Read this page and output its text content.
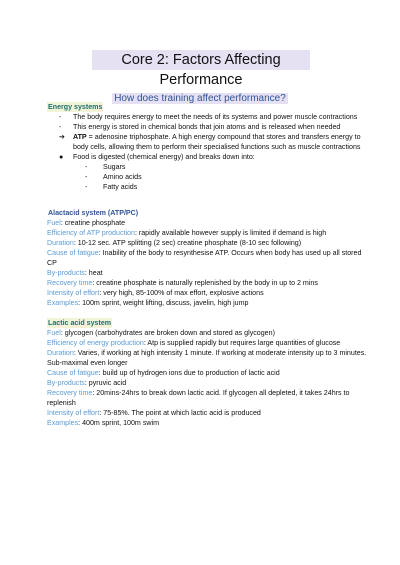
Core 2: Factors Affecting Performance
How does training affect performance?
Energy systems
- The body requires energy to meet the needs of its systems and power muscle contractions
- This energy is stored in chemical bonds that join atoms and is released when needed
➔ ATP = adenosine triphosphate. A high energy compound that stores and transfers energy to body cells, allowing them to perform their specialised functions such as muscle contractions
● Food is digested (chemical energy) and breaks down into:
- Sugars
- Amino acids
- Fatty acids
Alactacid system (ATP/PC)
Fuel: creatine phosphate
Efficiency of ATP production: rapidly available however supply is limited if demand is high
Duration: 10-12 sec. ATP splitting (2 sec) creatine phosphate (8-10 sec following)
Cause of fatigue: Inability of the body to resynthesise ATP. Occurs when body has used up all stored CP
By-products: heat
Recovery time: creatine phosphate is naturally replenished by the body in up to 2 mins
Intensity of effort: very high, 85-100% of max effort, explosive actions
Examples: 100m sprint, weight lifting, discuss, javelin, high jump
Lactic acid system
Fuel: glycogen (carbohydrates are broken down and stored as glycogen)
Efficiency of energy production: Atp is supplied rapidly but requires large quantities of glucose
Duration: Varies, if working at high intensity 1 minute. If working at moderate intensity up to 3 minutes. Sub-maximal even longer
Cause of fatigue: build up of hydrogen ions due to production of lactic acid
By-products: pyruvic acid
Recovery time: 20mins-24hrs to break down lactic acid. If glycogen all depleted, it takes 24hrs to replenish
Intensity of effort: 75-85%. The point at which lactic acid is produced
Examples: 400m sprint, 100m swim
